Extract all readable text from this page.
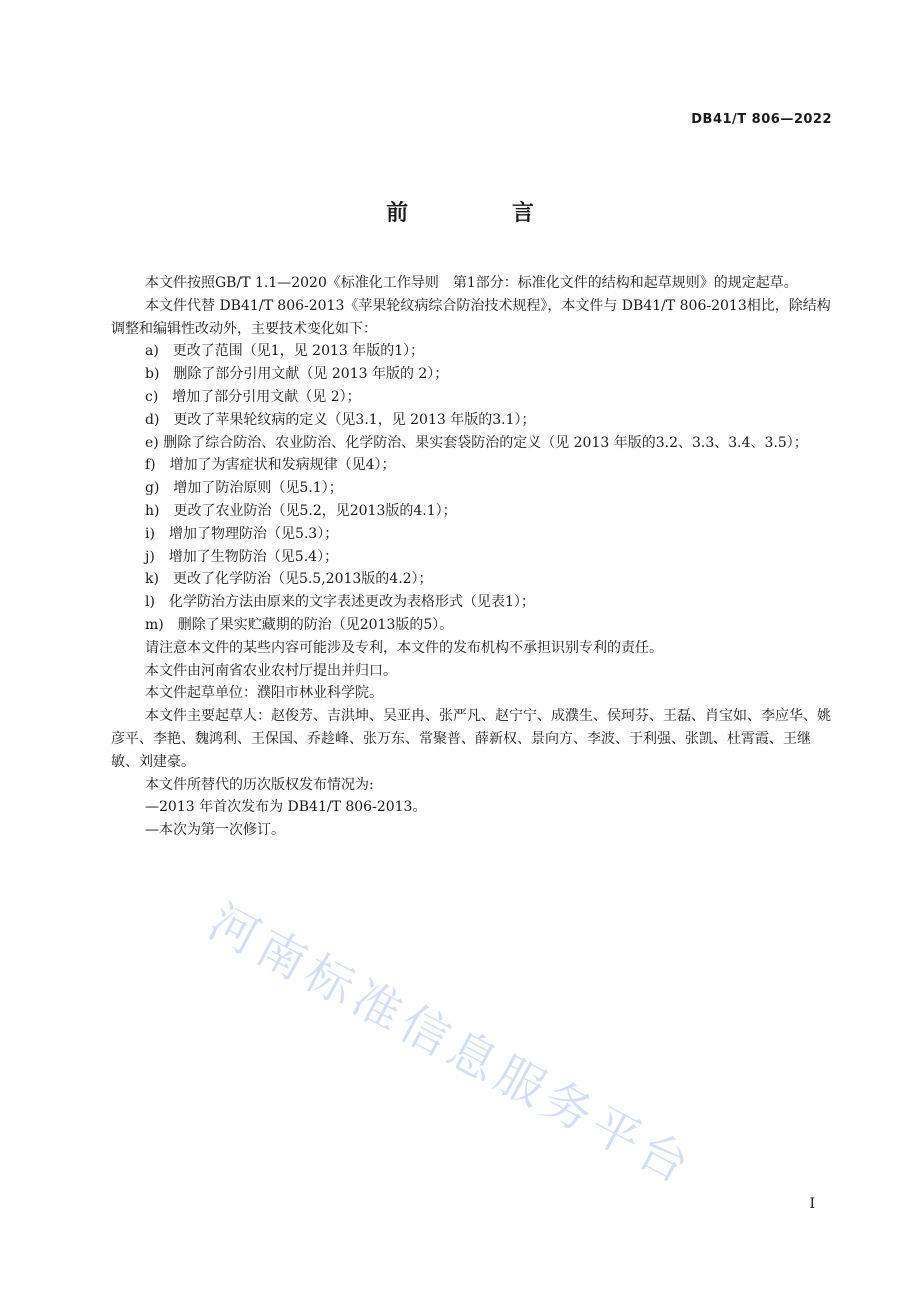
DB41/T 806—2022
前 言

本文件按照GB/T 1.1—2020《标准化工作导则　第1部分：标准化文件的结构和起草规则》的规定起草。

本文件代替 DB41/T 806-2013《苹果轮纹病综合防治技术规程》，本文件与 DB41/T 806-2013相比，除结构调整和编辑性改动外，主要技术变化如下：

a)　更改了范围（见1，见 2013 年版的1）；

b)　删除了部分引用文献（见 2013 年版的 2）；

c)　增加了部分引用文献（见 2）；

d)　更改了苹果轮纹病的定义（见3.1，见 2013 年版的3.1）；

e) 删除了综合防治、农业防治、化学防治、果实套袋防治的定义（见 2013 年版的3.2、3.3、3.4、3.5）；

f)　增加了为害症状和发病规律（见4）；

g)　增加了防治原则（见5.1）；

h)　更改了农业防治（见5.2，见2013版的4.1）；

i)　增加了物理防治（见5.3）；

j)　增加了生物防治（见5.4）；

k)　更改了化学防治（见5.5,2013版的4.2）；

l)　化学防治方法由原来的文字表述更改为表格形式（见表1）；

m)　删除了果实贮藏期的防治（见2013版的5）。

请注意本文件的某些内容可能涉及专利，本文件的发布机构不承担识别专利的责任。

本文件由河南省农业农村厅提出并归口。

本文件起草单位：濮阳市林业科学院。

本文件主要起草人：赵俊芳、吉洪坤、吴亚冉、张严凡、赵宁宁、成濮生、侯珂芬、王磊、肖宝如、李应华、姚彦平、李艳、魏鸿利、王保国、乔趁峰、张万东、常聚普、薛新权、景向方、李波、于利强、张凯、杜霄霞、王继敏、刘建豪。

本文件所替代的历次版权发布情况为:

—2013 年首次发布为 DB41/T 806-2013。

—本次为第一次修订。

河南标准信息服务平台
I
